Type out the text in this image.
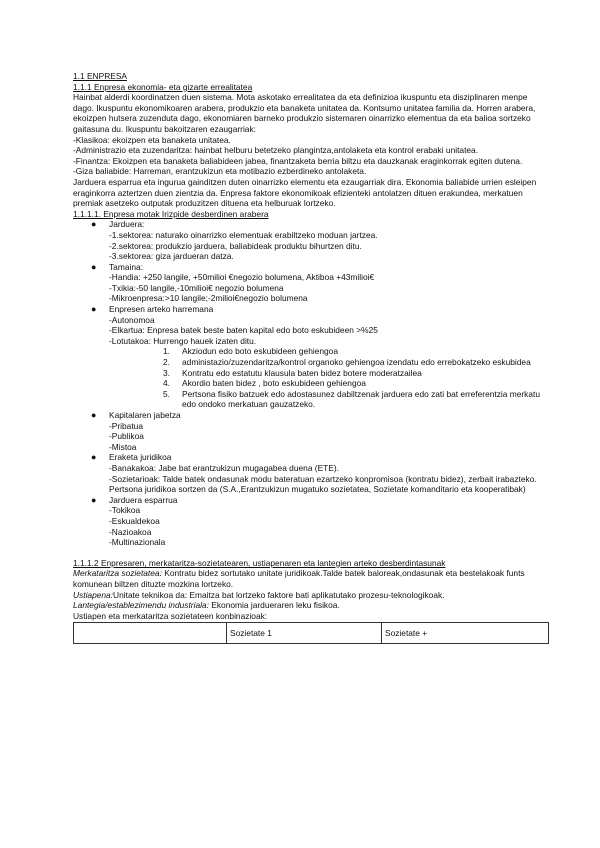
1.1 ENPRESA

1.1.1 Enpresa ekonomia- eta gizarte errealitatea

Hainbat alderdi koordinatzen duen sistema. Mota askotako errealitatea da eta definizioa ikuspuntu eta disziplinaren menpe dago. Ikuspuntu ekonomikoaren arabera, produkzio eta banaketa unitatea da. Kontsumo unitatea familia da. Horren arabera, ekoizpen hutsera zuzenduta dago, ekonomiaren barneko produkzio sistemaren oinarrizko elementua da eta balioa sortzeko gaitasuna du. Ikuspuntu bakoitzaren ezaugarriak:

-Klasikoa: ekoizpen eta banaketa unitatea.

-Administrazio eta zuzendaritza: hainbat helburu betetzeko plangintza,antolaketa eta kontrol erabaki unitatea.

-Finantza: Ekoizpen eta banaketa baliabideen jabea, finantzaketa berria biltzu eta dauzkanak eraginkorrak egiten dutena.

-Giza baliabide: Harreman, erantzukizun eta motibazio ezberdineko antolaketa.

Jarduera esparrua eta ingurua gainditzen duten oinarrizko elementu eta ezaugarriak dira. Ekonomia baliabide urrien esleipen eraginkorra aztertzen duen zientzia da. Enpresa faktore ekonomikoak efizienteki antolatzen dituen erakundea, merkatuen premiak asetzeko outputak produzitzen dituena eta helburuak lortzeko.

1.1.1.1. Enpresa motak Irizpide desberdinen arabera

●	Jarduera:

-1.sektorea: naturako oinarrizko elementuak erabiltzeko moduan jartzea.

-2.sektorea: produkzio jarduera, baliabideak produktu bihurtzen ditu.

-3.sektorea: giza jardueran datza.

●	Tamaina:

-Handia: +250 langile, +50milioi €negozio bolumena, Aktiboa +43milioi€

-Txikia:-50 langile,-10milioi€ negozio bolumena

-Mikroenpresa:>10 langile;-2milioi€negozio bolumena

●	Enpresen arteko harremana

-Autonomoa

-Elkartua: Enpresa batek beste baten kapital edo boto eskubideen >%25

-Lotutakoa: Hurrengo hauek izaten ditu.

1.	Akziodun edo boto eskubideen gehiengoa
2.	administazio/zuzendaritza/kontrol organoko gehiengoa izendatu edo errebokatzeko eskubidea
3.	Kontratu edo estatutu klausula baten bidez botere moderatzailea
4.	Akordio baten bidez , boto eskubideen gehiengoa
5.	Pertsona fisiko batzuek edo adostasunez dabiltzenak jarduera edo zati bat erreferentzia merkatu edo ondoko merkatuan gauzatzeko.
●	Kapitalaren jabetza

-Pribatua

-Publikoa

-Mistoa

●	Eraketa juridikoa

-Banakakoa: Jabe bat erantzukizun mugagabea duena (ETE).

-Sozietarioak: Talde batek ondasunak modu bateratuan ezartzeko konpromisoa (kontratu bidez), zerbait irabazteko. Pertsona juridikoa sortzen da (S.A.,Erantzukizun mugatuko sozietatea, Sozietate komanditario eta kooperatibak)

●	Jarduera esparrua

-Tokikoa

-Eskualdekoa

-Nazioakoa

-Multinazionala

1.1.1.2 Enpresaren, merkataritza-sozietatearen, ustiapenaren eta lantegien arteko desberdintasunak

Merkataritza sozietatea: Kontratu bidez sortutako unitate juridikoak.Talde batek baloreak,ondasunak eta bestelakoak funts komunean biltzen dituzte mozkina lortzeko.

Ustiapena:Unitate teknikoa da: Emaitza bat lortzeko faktore bati aplikatutako prozesu-teknologikoak.

Lantegia/establezimendu industriala: Ekonomia jardueraren leku fisikoa.

Ustiapen eta merkataritza sozietateen konbinazioak:

	Sozietate 1	Sozietate +
